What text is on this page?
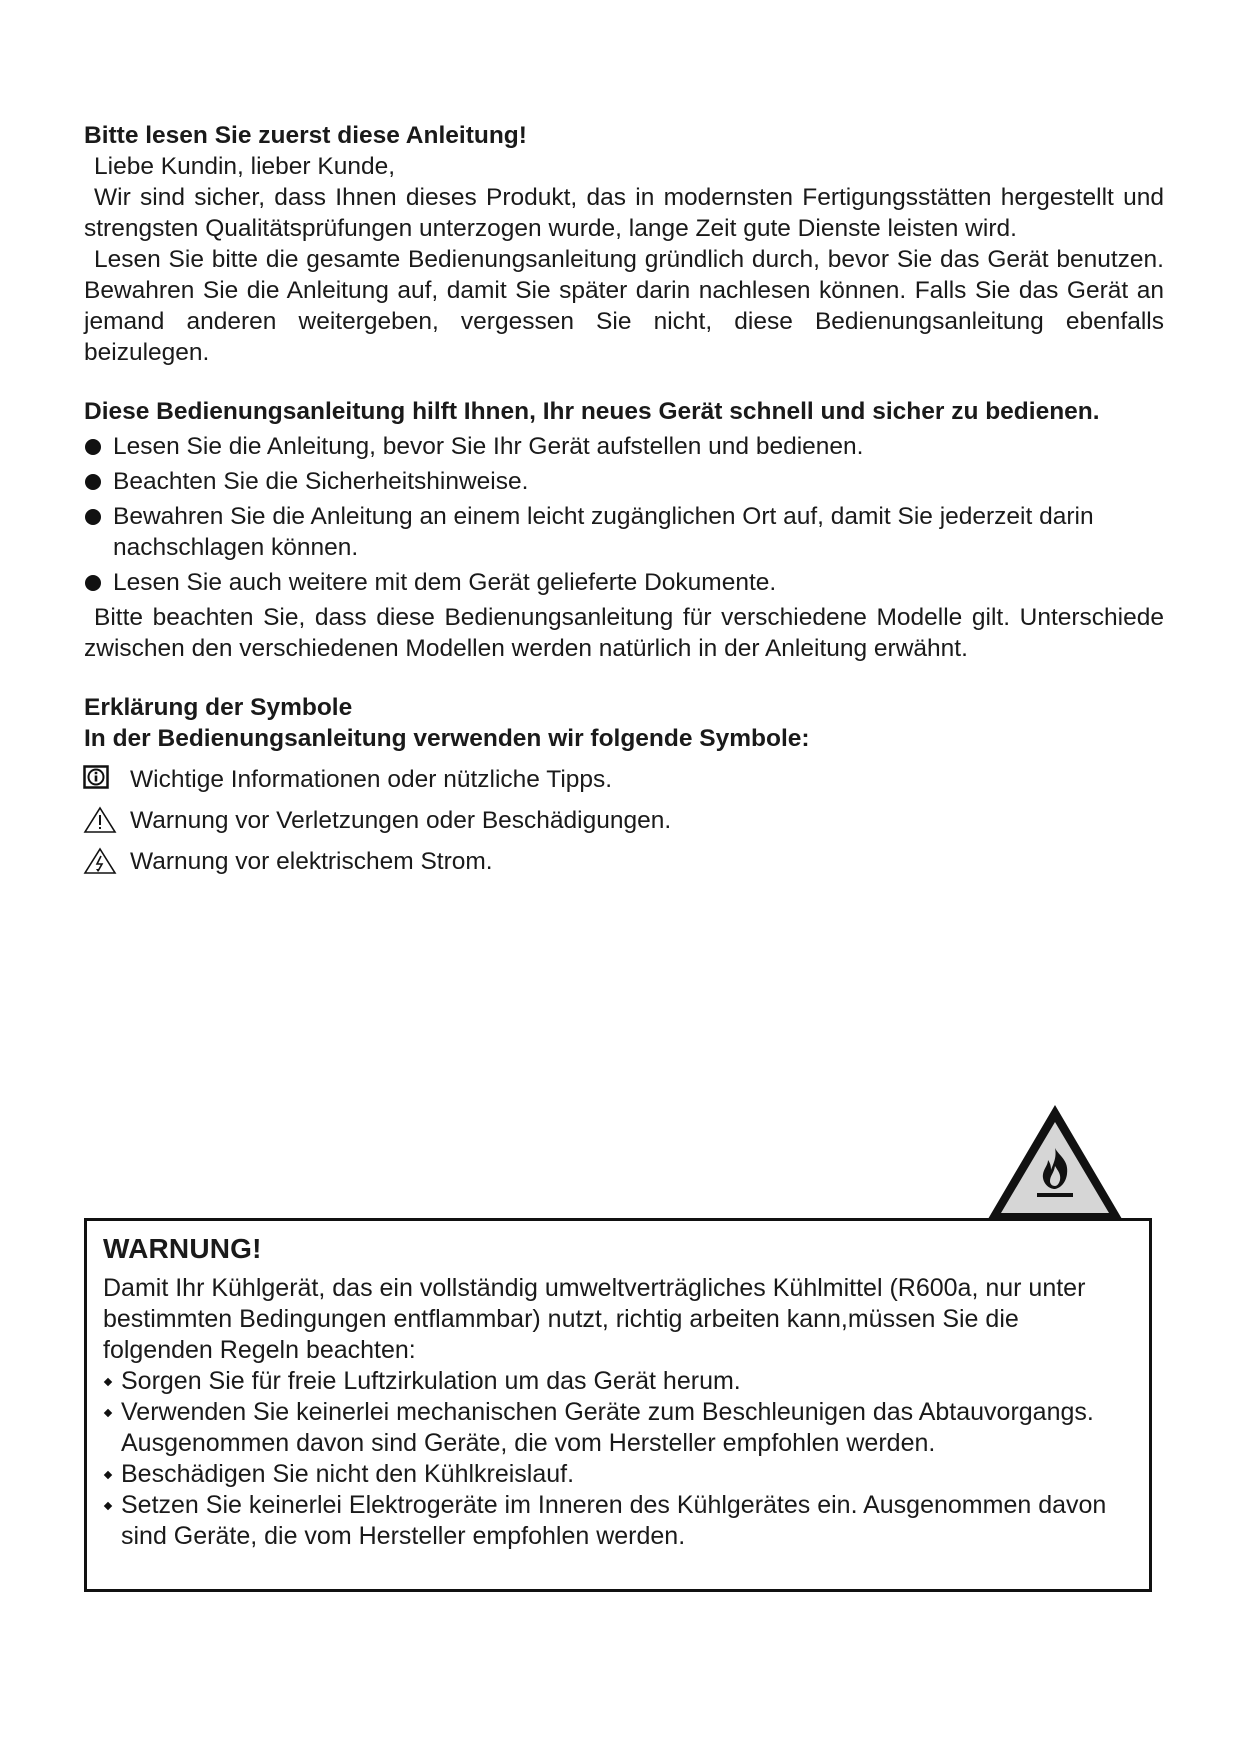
Bitte lesen Sie zuerst diese Anleitung!

Liebe Kundin, lieber Kunde,

Wir sind sicher, dass Ihnen dieses Produkt, das in modernsten Fertigungsstätten hergestellt und strengsten Qualitätsprüfungen unterzogen wurde, lange Zeit gute Dienste leisten wird.

Lesen Sie bitte die gesamte Bedienungsanleitung gründlich durch, bevor Sie das Gerät benutzen. Bewahren Sie die Anleitung auf, damit Sie später darin nachlesen können. Falls Sie das Gerät an jemand anderen weitergeben, vergessen Sie nicht, diese Bedienungsanleitung ebenfalls beizulegen.

Diese Bedienungsanleitung hilft Ihnen, Ihr neues Gerät schnell und sicher zu bedienen.

Lesen Sie die Anleitung, bevor Sie Ihr Gerät aufstellen und bedienen.
Beachten Sie die Sicherheitshinweise.
Bewahren Sie die Anleitung an einem leicht zugänglichen Ort auf, damit Sie jederzeit darin nachschlagen können.
Lesen Sie auch weitere mit dem Gerät gelieferte Dokumente.

Bitte beachten Sie, dass diese Bedienungsanleitung für verschiedene Modelle gilt. Unterschiede zwischen den verschiedenen Modellen werden natürlich in der Anleitung erwähnt.

Erklärung der Symbole

In der Bedienungsanleitung verwenden wir folgende Symbole:

Wichtige Informationen oder nützliche Tipps.
Warnung vor Verletzungen oder Beschädigungen.
Warnung vor elektrischem Strom.

WARNUNG!

Damit Ihr Kühlgerät, das ein vollständig umweltverträgliches Kühlmittel (R600a, nur unter bestimmten Bedingungen entflammbar) nutzt, richtig arbeiten kann,müssen Sie die folgenden Regeln beachten:

Sorgen Sie für freie Luftzirkulation um das Gerät herum.
Verwenden Sie keinerlei mechanischen Geräte zum Beschleunigen das Abtauvorgangs. Ausgenommen davon sind Geräte, die vom Hersteller empfohlen werden.
Beschädigen Sie nicht den Kühlkreislauf.
Setzen Sie keinerlei Elektrogeräte im Inneren des Kühlgerätes ein. Ausgenommen davon sind Geräte, die vom Hersteller empfohlen werden.
